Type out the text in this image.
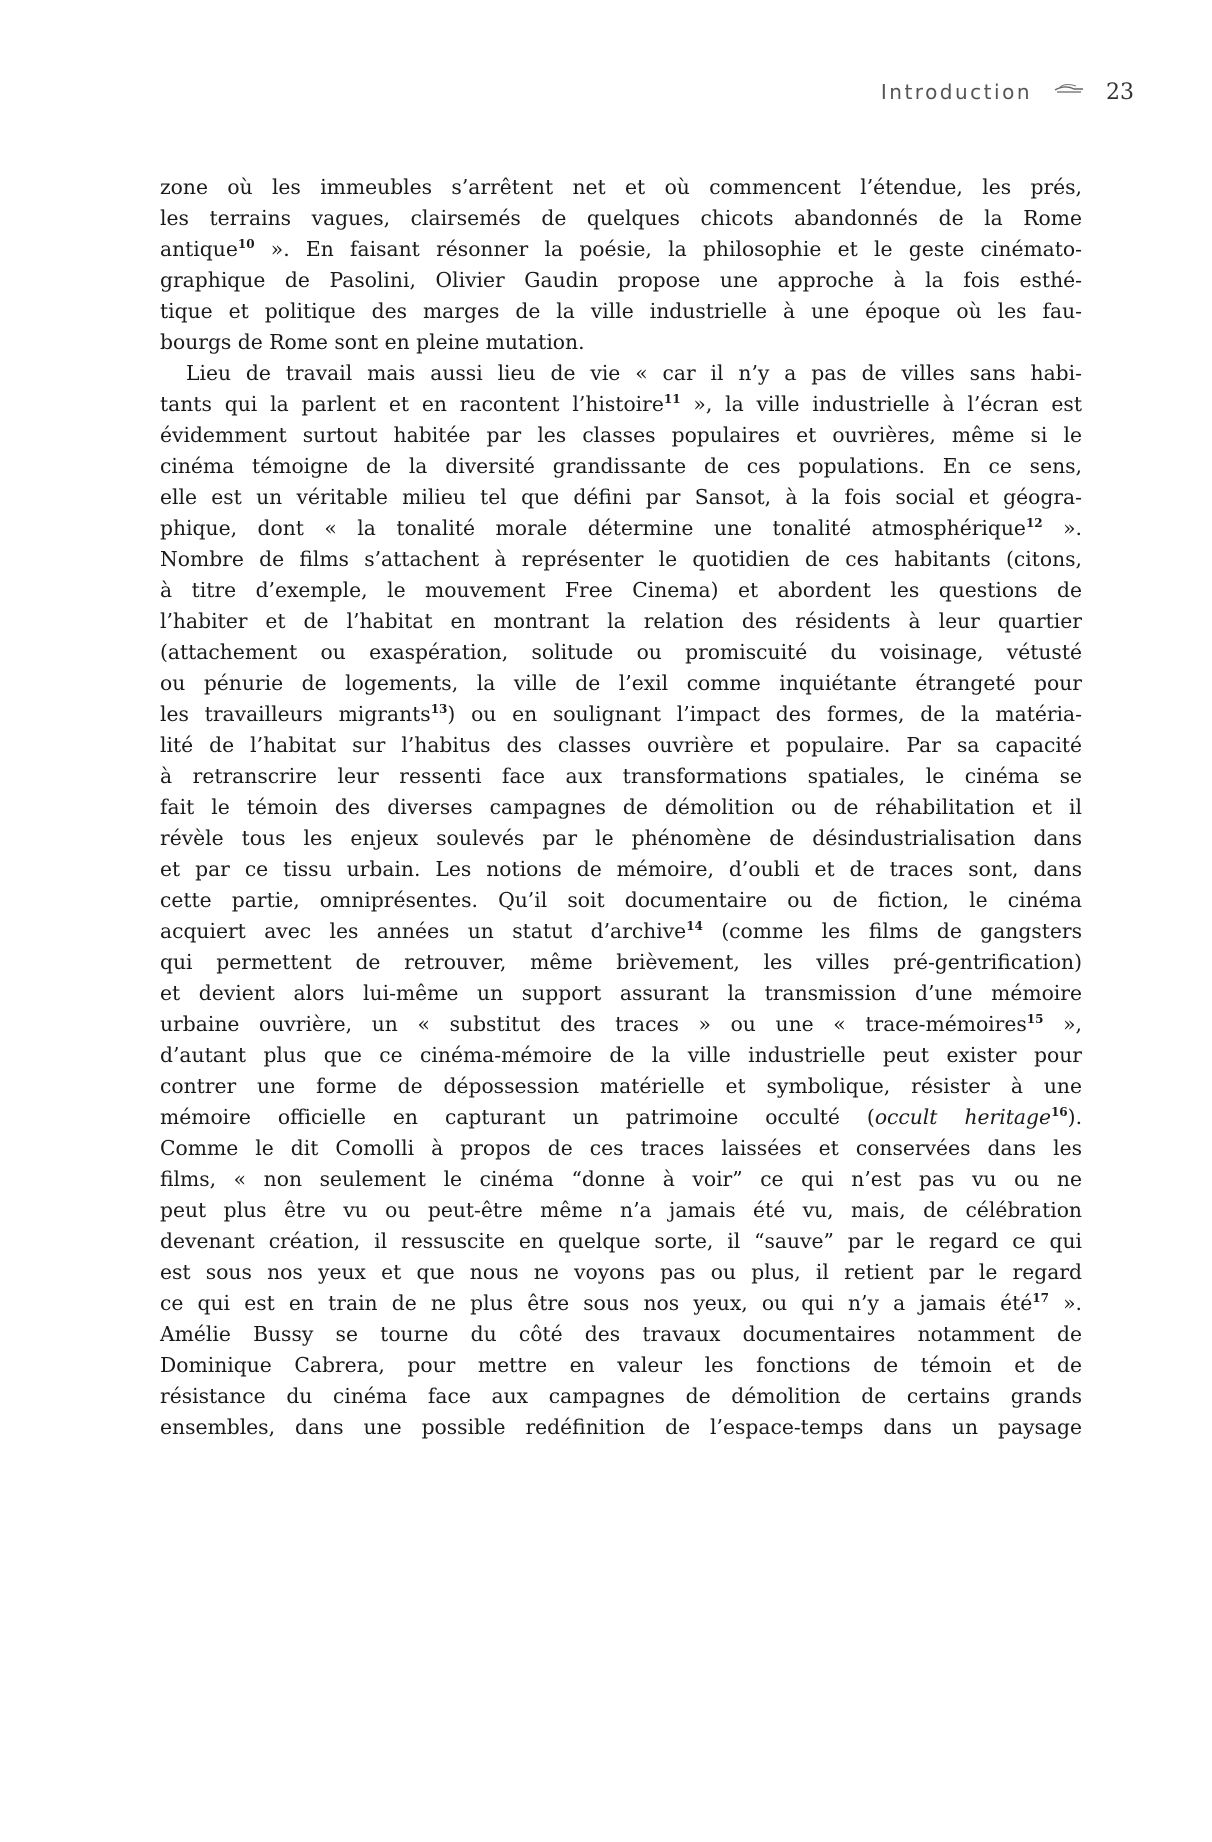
Introduction	23
zone où les immeubles s’arrêtent net et où commencent l’étendue, les prés,
les terrains vagues, clairsemés de quelques chicots abandonnés de la Rome
antique$^{10}$ ». En faisant résonner la poésie, la philosophie et le geste cinémato-
graphique de Pasolini, Olivier Gaudin propose une approche à la fois esthé-
tique et politique des marges de la ville industrielle à une époque où les fau-
bourgs de Rome sont en pleine mutation.
Lieu de travail mais aussi lieu de vie « car il n’y a pas de villes sans habi-
tants qui la parlent et en racontent l’histoire$^{11}$ », la ville industrielle à l’écran est
évidemment surtout habitée par les classes populaires et ouvrières, même si le
cinéma témoigne de la diversité grandissante de ces populations. En ce sens,
elle est un véritable milieu tel que défini par Sansot, à la fois social et géogra-
phique, dont « la tonalité morale détermine une tonalité atmosphérique$^{12}$ ».
Nombre de films s’attachent à représenter le quotidien de ces habitants (citons,
à titre d’exemple, le mouvement Free Cinema) et abordent les questions de
l’habiter et de l’habitat en montrant la relation des résidents à leur quartier
(attachement ou exaspération, solitude ou promiscuité du voisinage, vétusté
ou pénurie de logements, la ville de l’exil comme inquiétante étrangeté pour
les travailleurs migrants$^{13}$) ou en soulignant l’impact des formes, de la matéria-
lité de l’habitat sur l’habitus des classes ouvrière et populaire. Par sa capacité
à retranscrire leur ressenti face aux transformations spatiales, le cinéma se
fait le témoin des diverses campagnes de démolition ou de réhabilitation et il
révèle tous les enjeux soulevés par le phénomène de désindustrialisation dans
et par ce tissu urbain. Les notions de mémoire, d’oubli et de traces sont, dans
cette partie, omniprésentes. Qu’il soit documentaire ou de fiction, le cinéma
acquiert avec les années un statut d’archive$^{14}$ (comme les films de gangsters
qui permettent de retrouver, même brièvement, les villes pré-gentrification)
et devient alors lui-même un support assurant la transmission d’une mémoire
urbaine ouvrière, un « substitut des traces » ou une « trace-mémoires$^{15}$ »,
d’autant plus que ce cinéma-mémoire de la ville industrielle peut exister pour
contrer une forme de dépossession matérielle et symbolique, résister à une
mémoire officielle en capturant un patrimoine occulté (occult heritage$^{16}$).
Comme le dit Comolli à propos de ces traces laissées et conservées dans les
films, « non seulement le cinéma “donne à voir” ce qui n’est pas vu ou ne
peut plus être vu ou peut-être même n’a jamais été vu, mais, de célébration
devenant création, il ressuscite en quelque sorte, il “sauve” par le regard ce qui
est sous nos yeux et que nous ne voyons pas ou plus, il retient par le regard
ce qui est en train de ne plus être sous nos yeux, ou qui n’y a jamais été$^{17}$ ».
Amélie Bussy se tourne du côté des travaux documentaires notamment de
Dominique Cabrera, pour mettre en valeur les fonctions de témoin et de
résistance du cinéma face aux campagnes de démolition de certains grands
ensembles, dans une possible redéfinition de l’espace-temps dans un paysage
